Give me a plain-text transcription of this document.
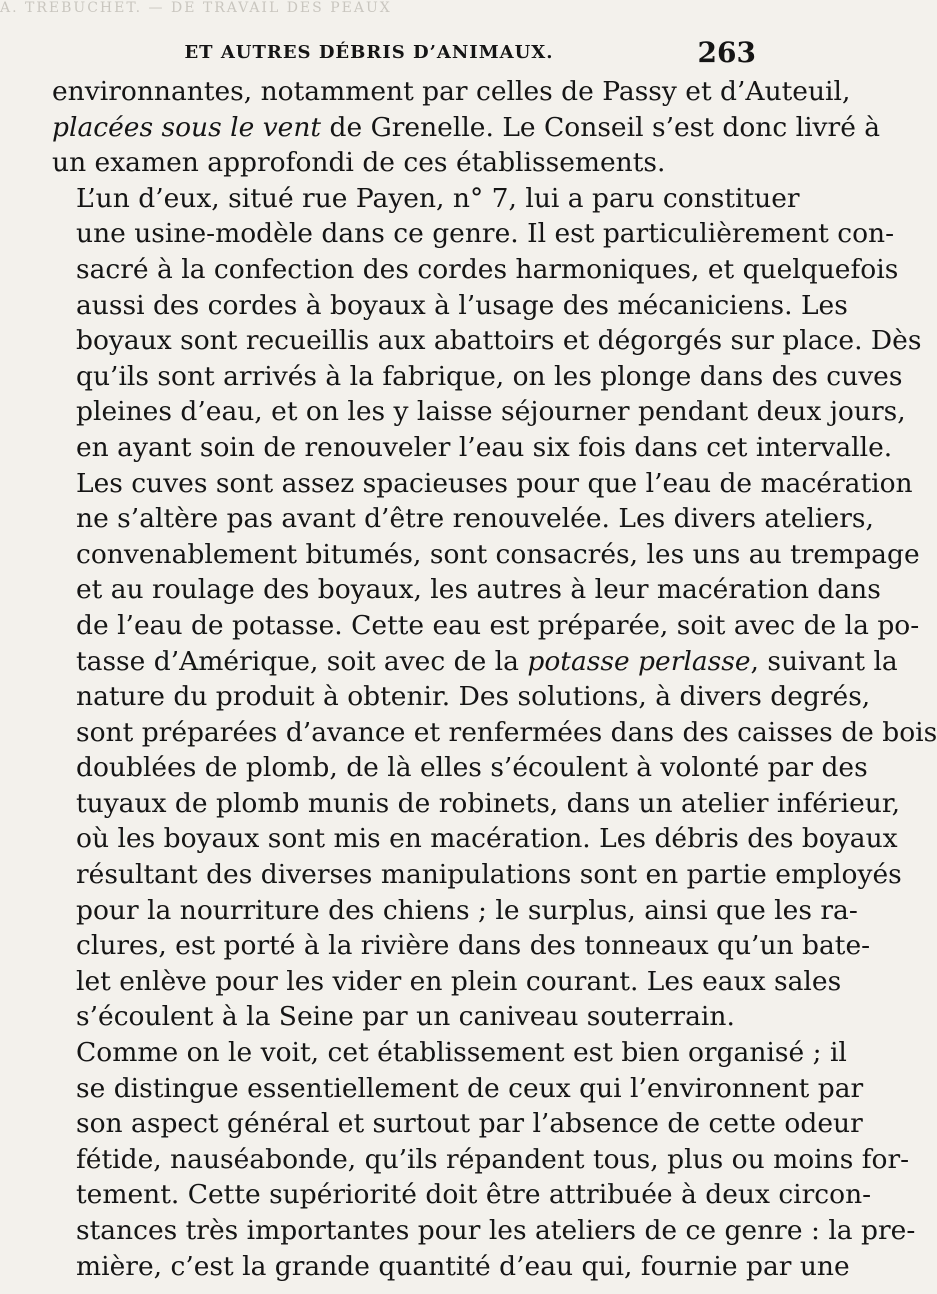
A. TREBUCHET. — DE TRAVAIL DES PEAUX
ET AUTRES DÉBRIS D’ANIMAUX.	263

environnantes, notamment par celles de Passy et d’Auteuil,
placées sous le vent de Grenelle. Le Conseil s’est donc livré à
un examen approfondi de ces établissements.

L’un d’eux, situé rue Payen, n° 7, lui a paru constituer
une usine-modèle dans ce genre. Il est particulièrement con-
sacré à la confection des cordes harmoniques, et quelquefois
aussi des cordes à boyaux à l’usage des mécaniciens. Les
boyaux sont recueillis aux abattoirs et dégorgés sur place. Dès
qu’ils sont arrivés à la fabrique, on les plonge dans des cuves
pleines d’eau, et on les y laisse séjourner pendant deux jours,
en ayant soin de renouveler l’eau six fois dans cet intervalle.
Les cuves sont assez spacieuses pour que l’eau de macération
ne s’altère pas avant d’être renouvelée. Les divers ateliers,
convenablement bitumés, sont consacrés, les uns au trempage
et au roulage des boyaux, les autres à leur macération dans
de l’eau de potasse. Cette eau est préparée, soit avec de la po-
tasse d’Amérique, soit avec de la potasse perlasse, suivant la
nature du produit à obtenir. Des solutions, à divers degrés,
sont préparées d’avance et renfermées dans des caisses de bois
doublées de plomb, de là elles s’écoulent à volonté par des
tuyaux de plomb munis de robinets, dans un atelier inférieur,
où les boyaux sont mis en macération. Les débris des boyaux
résultant des diverses manipulations sont en partie employés
pour la nourriture des chiens ; le surplus, ainsi que les ra-
clures, est porté à la rivière dans des tonneaux qu’un bate-
let enlève pour les vider en plein courant. Les eaux sales
s’écoulent à la Seine par un caniveau souterrain.

Comme on le voit, cet établissement est bien organisé ; il
se distingue essentiellement de ceux qui l’environnent par
son aspect général et surtout par l’absence de cette odeur
fétide, nauséabonde, qu’ils répandent tous, plus ou moins for-
tement. Cette supériorité doit être attribuée à deux circon-
stances très importantes pour les ateliers de ce genre : la pre-
mière, c’est la grande quantité d’eau qui, fournie par une
